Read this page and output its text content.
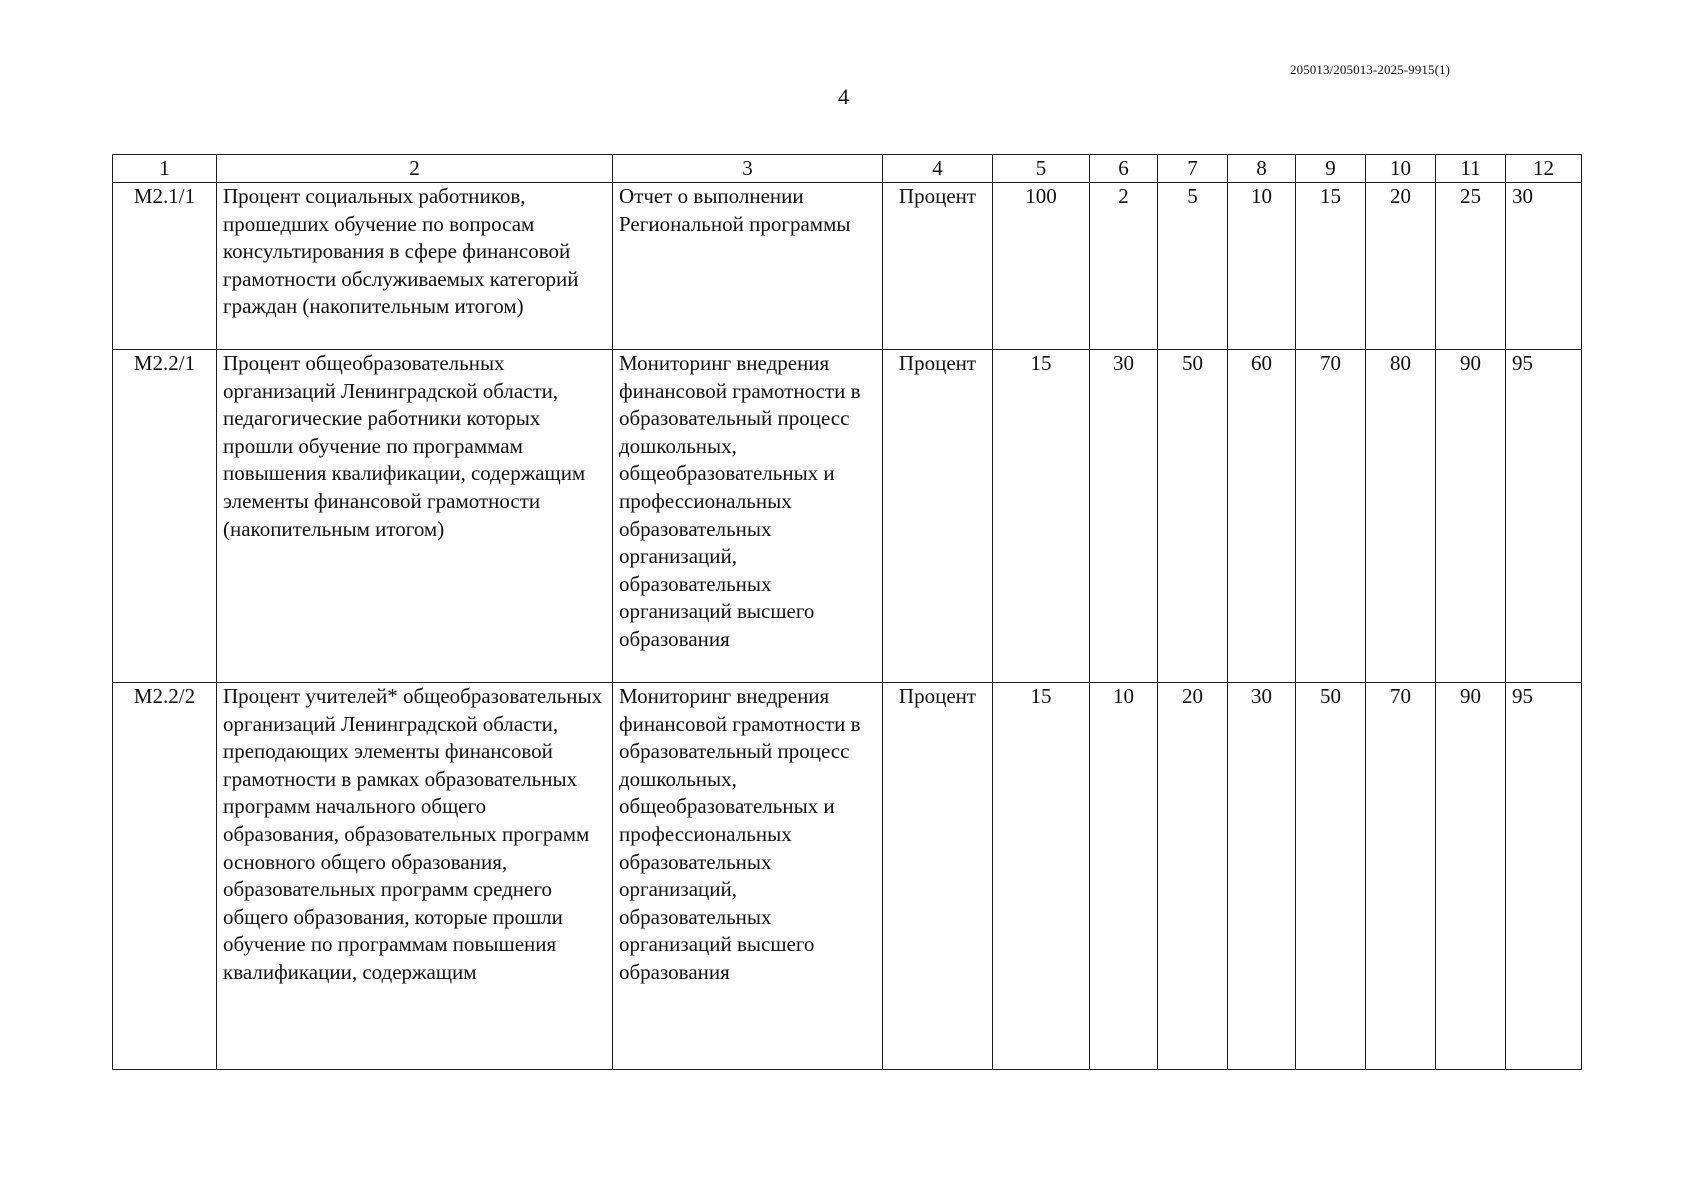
205013/205013-2025-9915(1)
4
1	2	3	4	5	6	7	8	9	10	11	12
М2.1/1	Процент социальных работников, прошедших обучение по вопросам консультирования в сфере финансовой грамотности обслуживаемых категорий граждан (накопительным итогом)	Отчет о выполнении Региональной программы	Процент	100	2	5	10	15	20	25	30
М2.2/1	Процент общеобразовательных организаций Ленинградской области, педагогические работники которых прошли обучение по программам повышения квалификации, содержащим элементы финансовой грамотности (накопительным итогом)	Мониторинг внедрения финансовой грамотности в образовательный процесс дошкольных, общеобразовательных и профессиональных образовательных организаций, образовательных организаций высшего образования	Процент	15	30	50	60	70	80	90	95
М2.2/2	Процент учителей* общеобразовательных организаций Ленинградской области, преподающих элементы финансовой грамотности в рамках образовательных программ начального общего образования, образовательных программ основного общего образования, образовательных программ среднего общего образования, которые прошли обучение по программам повышения квалификации, содержащим	Мониторинг внедрения финансовой грамотности в образовательный процесс дошкольных, общеобразовательных и профессиональных образовательных организаций, образовательных организаций высшего образования	Процент	15	10	20	30	50	70	90	95
